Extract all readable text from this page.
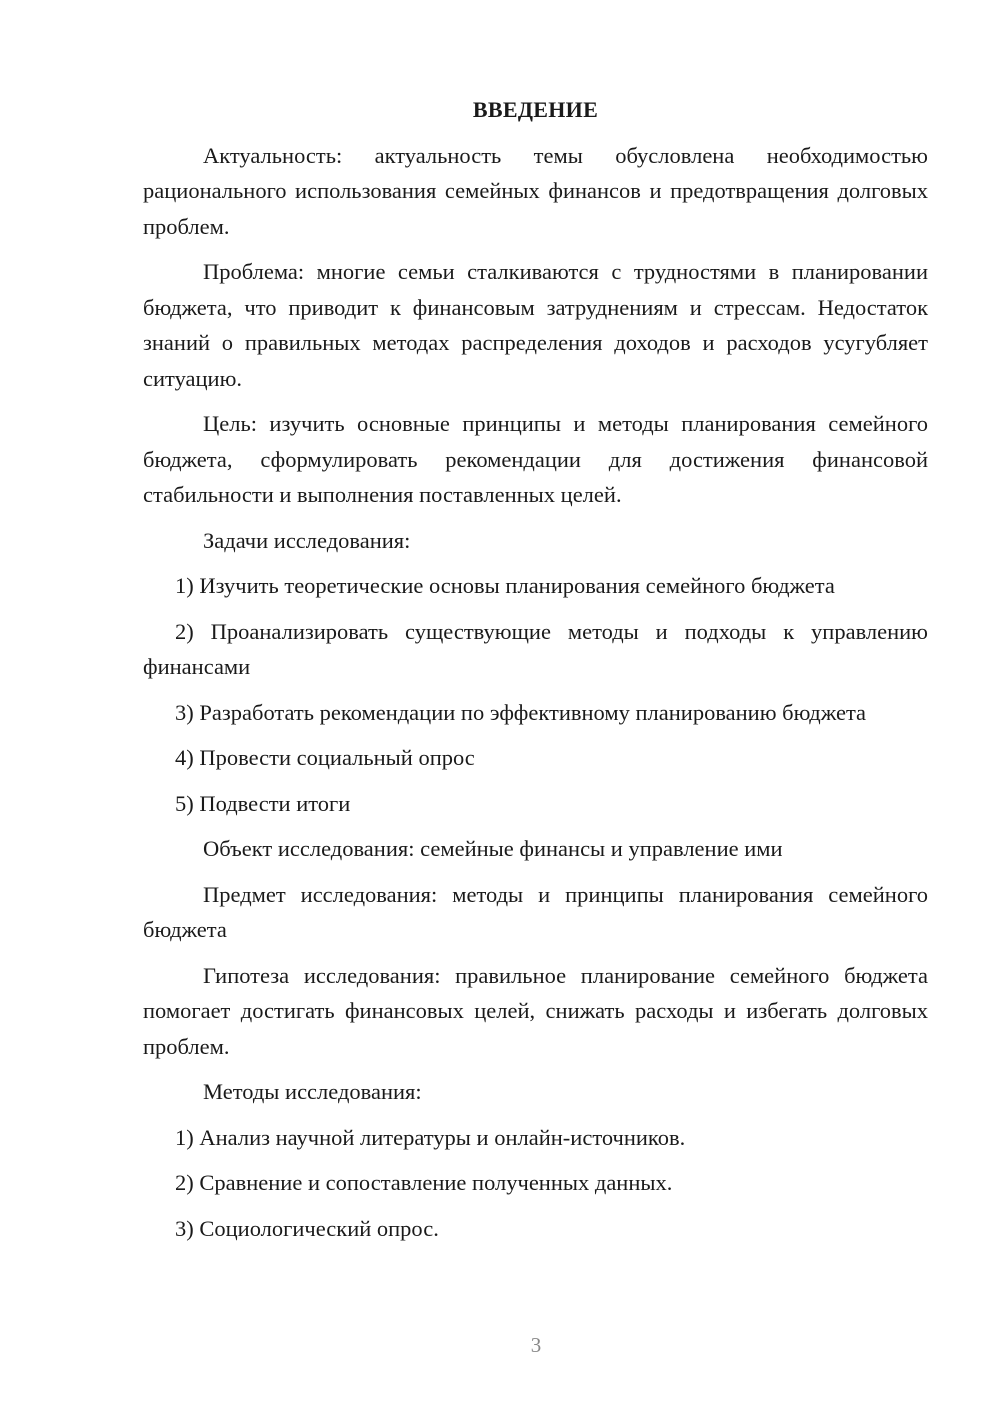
ВВЕДЕНИЕ

Актуальность: актуальность темы обусловлена необходимостью рационального использования семейных финансов и предотвращения долговых проблем.

Проблема: многие семьи сталкиваются с трудностями в планировании бюджета, что приводит к финансовым затруднениям и стрессам. Недостаток знаний о правильных методах распределения доходов и расходов усугубляет ситуацию.

Цель: изучить основные принципы и методы планирования семейного бюджета, сформулировать рекомендации для достижения финансовой стабильности и выполнения поставленных целей.

Задачи исследования:

1) Изучить теоретические основы планирования семейного бюджета

2) Проанализировать существующие методы и подходы к управлению финансами

3) Разработать рекомендации по эффективному планированию бюджета

4) Провести социальный опрос

5) Подвести итоги

Объект исследования: семейные финансы и управление ими

Предмет исследования: методы и принципы планирования семейного бюджета

Гипотеза исследования: правильное планирование семейного бюджета помогает достигать финансовых целей, снижать расходы и избегать долговых проблем.

Методы исследования:

1) Анализ научной литературы и онлайн-источников.

2) Сравнение и сопоставление полученных данных.

3) Социологический опрос.

3
